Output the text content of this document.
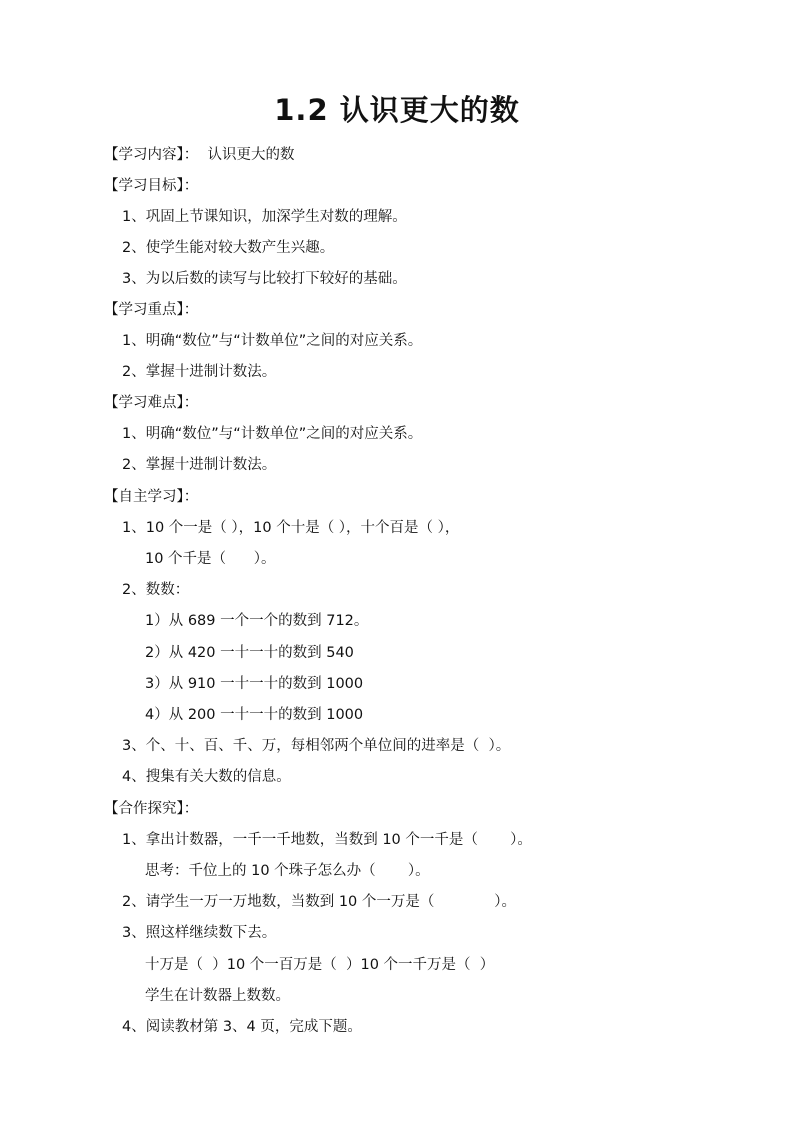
1.2 认识更大的数
【学习内容】：  认识更大的数
【学习目标】：
1、巩固上节课知识，加深学生对数的理解。
2、使学生能对较大数产生兴趣。
3、为以后数的读写与比较打下较好的基础。
【学习重点】：
1、明确“数位”与“计数单位”之间的对应关系。
2、掌握十进制计数法。
【学习难点】：
1、明确“数位”与“计数单位”之间的对应关系。
2、掌握十进制计数法。
【自主学习】：
1、10 个一是（ ），10 个十是（ ），十个百是（ ），
10 个千是（      ）。
2、数数：
1）从 689 一个一个的数到 712。
2）从 420 一十一十的数到 540
3）从 910 一十一十的数到 1000
4）从 200 一十一十的数到 1000
3、个、十、百、千、万，每相邻两个单位间的进率是（  ）。
4、搜集有关大数的信息。
【合作探究】：
1、拿出计数器，一千一千地数，当数到 10 个一千是（       ）。
思考：千位上的 10 个珠子怎么办（       ）。
2、请学生一万一万地数，当数到 10 个一万是（             ）。
3、照这样继续数下去。
十万是（  ）10 个一百万是（  ）10 个一千万是（  ）
学生在计数器上数数。
4、阅读教材第 3、4 页，完成下题。
